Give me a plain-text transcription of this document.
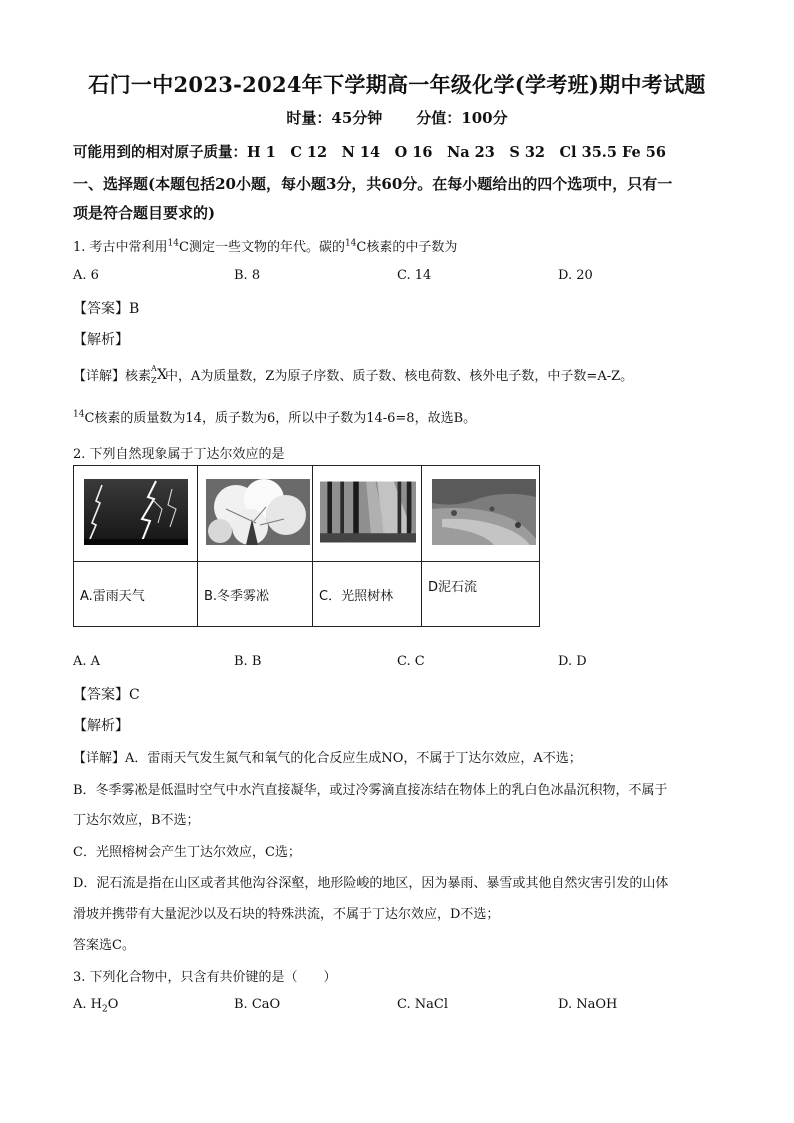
石门一中2023-2024年下学期高一年级化学(学考班)期中考试题
时量：45分钟 分值：100分
可能用到的相对原子质量：H 1　C 12　N 14　O 16　Na 23　S 32　Cl 35.5 Fe 56
一、选择题(本题包括20小题，每小题3分，共60分。在每小题给出的四个选项中，只有一
项是符合题目要求的)
1. 考古中常利用$^{14}$C测定一些文物的年代。碳的$^{14}$C核素的中子数为
A. 6	B. 8	C. 14	D. 20
【答案】B
【解析】
【详解】核素
A
Z X
中，A为质量数，Z为原子序数、质子数、核电荷数、核外电子数，中子数=A-Z。
$^{14}$C核素的质量数为14，质子数为6，所以中子数为14-6=8，故选B。
2. 下列自然现象属于丁达尔效应的是

A.雷雨天气	B.冬季雾凇	C．光照树林	D泥石流
A. A	B. B	C. C	D. D
【答案】C
【解析】
【详解】A．雷雨天气发生氮气和氧气的化合反应生成NO，不属于丁达尔效应，A不选；
B．冬季雾凇是低温时空气中水汽直接凝华，或过冷雾滴直接冻结在物体上的乳白色冰晶沉积物，不属于
丁达尔效应，B不选；
C．光照榕树会产生丁达尔效应，C选；
D．泥石流是指在山区或者其他沟谷深壑，地形险峻的地区，因为暴雨、暴雪或其他自然灾害引发的山体
滑坡并携带有大量泥沙以及石块的特殊洪流，不属于丁达尔效应，D不选；
答案选C。
3. 下列化合物中，只含有共价键的是（　　）
A. $H_2O$	B. CaO	C. NaCl	D. NaOH
